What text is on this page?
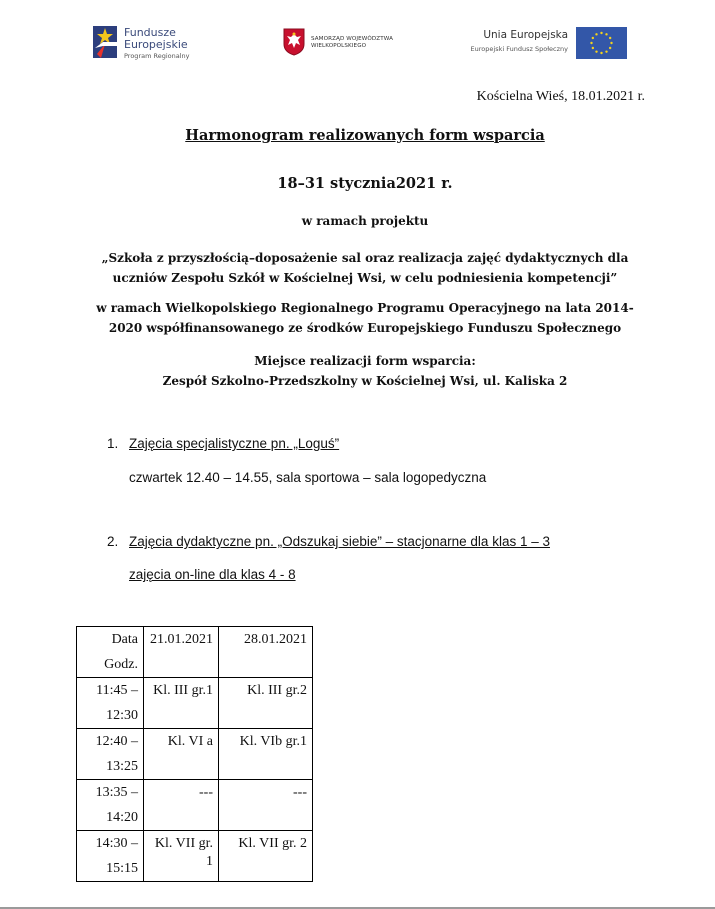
Fundusze
Europejskie
Program Regionalny
SAMORZĄD WOJEWÓDZTWA
WIELKOPOLSKIEGO
Unia Europejska
Europejski Fundusz Społeczny
Kościelna Wieś, 18.01.2021 r.
Harmonogram realizowanych form wsparcia
18–31 stycznia2021 r.
w ramach projektu
„Szkoła z przyszłością–doposażenie sal oraz realizacja zajęć dydaktycznych dla
uczniów Zespołu Szkół w Kościelnej Wsi, w celu podniesienia kompetencji”
w ramach Wielkopolskiego Regionalnego Programu Operacyjnego na lata 2014-
2020 współfinansowanego ze środków Europejskiego Funduszu Społecznego
Miejsce realizacji form wsparcia:
Zespół Szkolno-Przedszkolny w Kościelnej Wsi, ul. Kaliska 2
1. Zajęcia specjalistyczne pn. „Loguś”
czwartek 12.40 – 14.55, sala sportowa – sala logopedyczna
2. Zajęcia dydaktyczne pn. „Odszukaj siebie” – stacjonarne dla klas 1 – 3
zajęcia on-line dla klas 4 - 8
Data
Godz.	21.01.2021	28.01.2021

11:45 –
12:30	Kl. III gr.1	Kl. III gr.2

12:40 –
13:25	Kl. VI a	Kl. VIb gr.1

13:35 –
14:20	---	---

14:30 –
15:15	Kl. VII gr.
1	Kl. VII gr. 2
